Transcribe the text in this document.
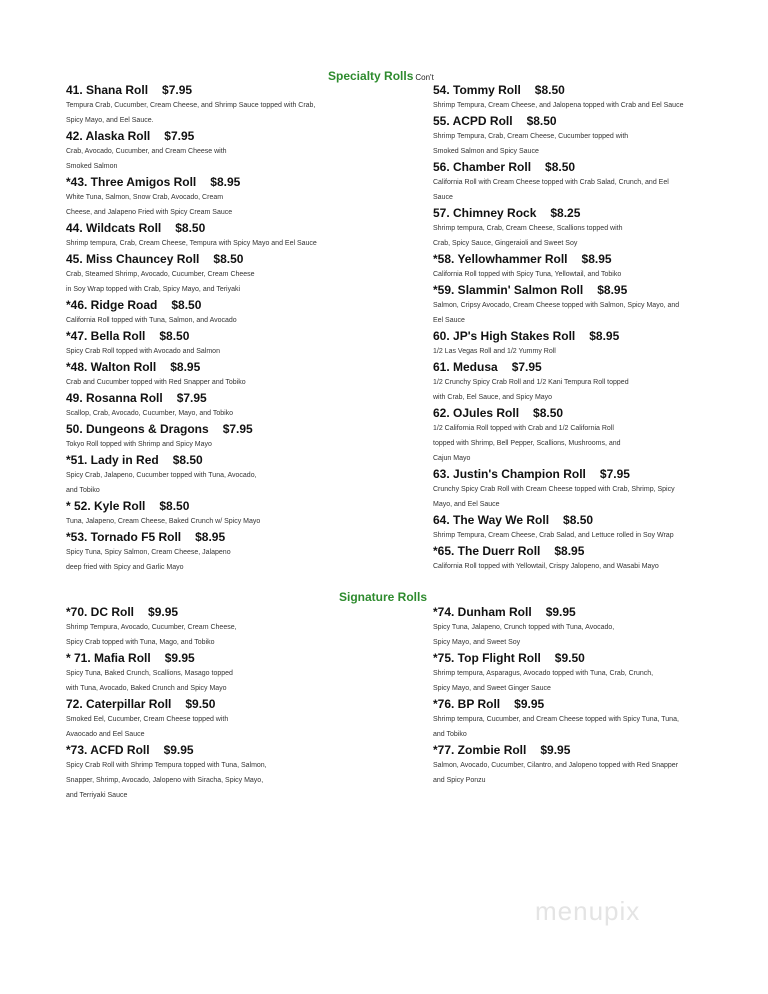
Specialty Rolls Con't
41. Shana Roll $7.95
Tempura Crab, Cucumber, Cream Cheese, and Shrimp Sauce topped with Crab,
Spicy Mayo, and Eel Sauce.
42. Alaska Roll $7.95
Crab, Avocado, Cucumber, and Cream Cheese with
Smoked Salmon
*43. Three Amigos Roll $8.95
White Tuna, Salmon, Snow Crab, Avocado, Cream
Cheese, and Jalapeno Fried with Spicy Cream Sauce
44. Wildcats Roll $8.50
Shrimp tempura, Crab, Cream Cheese, Tempura with Spicy Mayo and Eel Sauce
45. Miss Chauncey Roll $8.50
Crab, Steamed Shrimp, Avocado, Cucumber, Cream Cheese
in Soy Wrap topped with Crab, Spicy Mayo, and Teriyaki
*46. Ridge Road $8.50
California Roll topped with Tuna, Salmon, and Avocado
*47. Bella Roll $8.50
Spicy Crab Roll topped with Avocado and Salmon
*48. Walton Roll $8.95
Crab and Cucumber topped with Red Snapper and Tobiko
49. Rosanna Roll $7.95
Scallop, Crab, Avocado, Cucumber, Mayo, and Tobiko
50. Dungeons & Dragons $7.95
Tokyo Roll topped with Shrimp and Spicy Mayo
*51. Lady in Red $8.50
Spicy Crab, Jalapeno, Cucumber topped with Tuna, Avocado,
and Tobiko
* 52. Kyle Roll $8.50
Tuna, Jalapeno, Cream Cheese, Baked Crunch w/ Spicy Mayo
*53. Tornado F5 Roll $8.95
Spicy Tuna, Spicy Salmon, Cream Cheese, Jalapeno
deep fried with Spicy and Garlic Mayo
54. Tommy Roll $8.50
Shrimp Tempura, Cream Cheese, and Jalopena topped with Crab and Eel Sauce
55. ACPD Roll $8.50
Shrimp Tempura, Crab, Cream Cheese, Cucumber topped with
Smoked Salmon and Spicy Sauce
56. Chamber Roll $8.50
California Roll with Cream Cheese topped with Crab Salad, Crunch, and Eel
Sauce
57. Chimney Rock $8.25
Shrimp tempura, Crab, Cream Cheese, Scallions topped with
Crab, Spicy Sauce, Gingeraioli and Sweet Soy
*58. Yellowhammer Roll $8.95
California Roll topped with Spicy Tuna, Yellowtail, and Tobiko
*59. Slammin' Salmon Roll $8.95
Salmon, Cripsy Avocado, Cream Cheese topped with Salmon, Spicy Mayo, and
Eel Sauce
60. JP's High Stakes Roll $8.95
1/2 Las Vegas Roll and 1/2 Yummy Roll
61. Medusa $7.95
1/2 Crunchy Spicy Crab Roll and 1/2 Kani Tempura Roll topped
with Crab, Eel Sauce, and Spicy Mayo
62. OJules Roll $8.50
1/2 California Roll topped with Crab and 1/2 California Roll
topped with Shrimp, Bell Pepper, Scallions, Mushrooms, and
Cajun Mayo
63. Justin's Champion Roll $7.95
Crunchy Spicy Crab Roll with Cream Cheese topped with Crab, Shrimp, Spicy
Mayo, and Eel Sauce
64. The Way We Roll $8.50
Shrimp Tempura, Cream Cheese, Crab Salad, and Lettuce rolled in Soy Wrap
*65. The Duerr Roll $8.95
California Roll topped with Yellowtail, Crispy Jalopeno, and Wasabi Mayo
Signature Rolls
*70. DC Roll $9.95
Shrimp Tempura, Avocado, Cucumber, Cream Cheese,
Spicy Crab topped with Tuna, Mago, and Tobiko
* 71. Mafia Roll $9.95
Spicy Tuna, Baked Crunch, Scallions, Masago topped
with Tuna, Avocado, Baked Crunch and Spicy Mayo
72. Caterpillar Roll $9.50
Smoked Eel, Cucumber, Cream Cheese topped with
Avaocado and Eel Sauce
*73. ACFD Roll $9.95
Spicy Crab Roll with Shrimp Tempura topped with Tuna, Salmon,
Snapper, Shrimp, Avocado, Jalopeno with Siracha, Spicy Mayo,
and Terriyaki Sauce
*74. Dunham Roll $9.95
Spicy Tuna, Jalapeno, Crunch topped with Tuna, Avocado,
Spicy Mayo, and Sweet Soy
*75. Top Flight Roll $9.50
Shrimp tempura, Asparagus, Avocado topped with Tuna, Crab, Crunch,
Spicy Mayo, and Sweet Ginger Sauce
*76. BP Roll $9.95
Shrimp tempura, Cucumber, and Cream Cheese topped with Spicy Tuna, Tuna,
and Tobiko
*77. Zombie Roll $9.95
Salmon, Avocado, Cucumber, Cilantro, and Jalopeno topped with Red Snapper
and Spicy Ponzu
menupix
